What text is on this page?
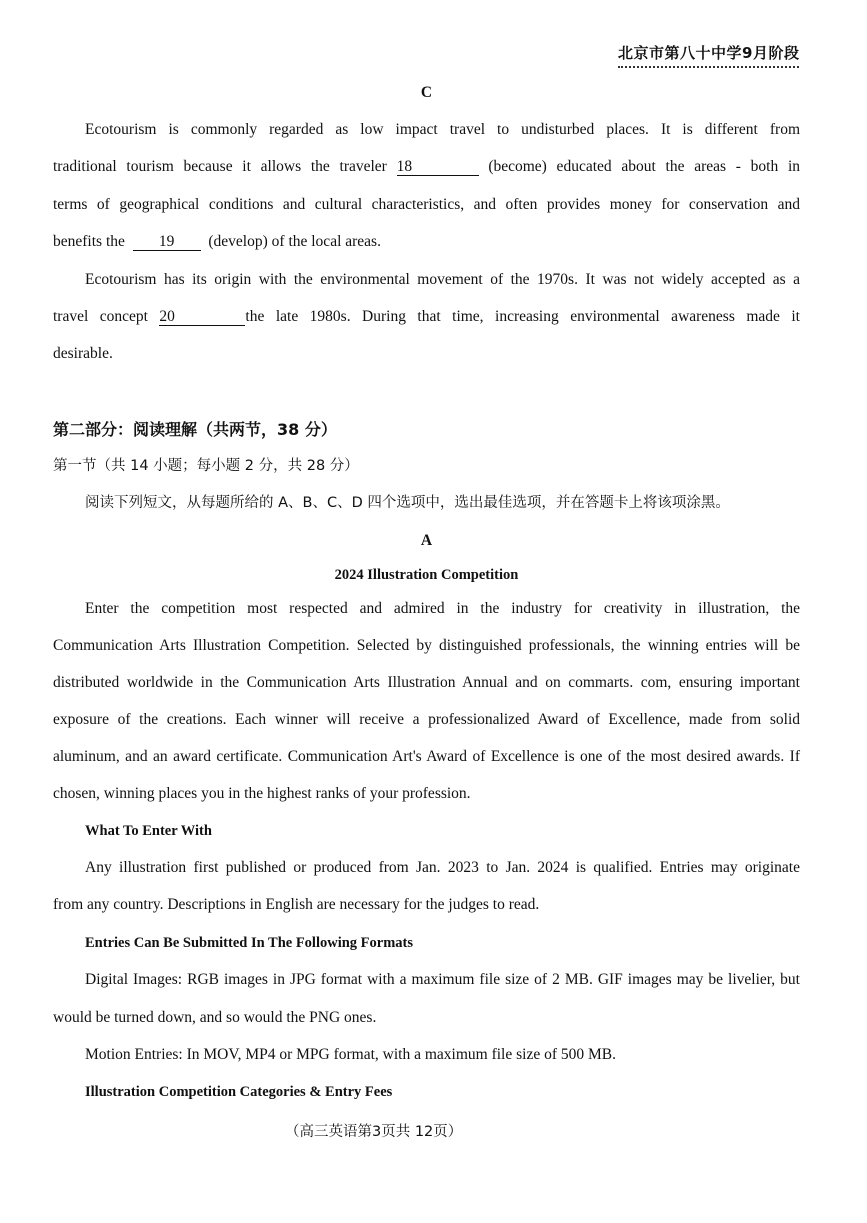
北京市第八十中学9月阶段
C
Ecotourism is commonly regarded as low impact travel to undisturbed places. It is different from
traditional tourism because it allows the traveler 18	(become) educated about the areas - both in
terms of geographical conditions and cultural characteristics, and often provides money for conservation and
benefits the 19 (develop) of the local areas.
Ecotourism has its origin with the environmental movement of the 1970s. It was not widely accepted as a
travel concept 20	the late 1980s. During that time, increasing environmental awareness made it
desirable.
第二部分：阅读理解（共两节，38 分）
第一节（共 14 小题；每小题 2 分，共 28 分）
阅读下列短文，从每题所给的 A、B、C、D 四个选项中，选出最佳选项，并在答题卡上将该项涂黑。
A
2024 Illustration Competition
Enter the competition most respected and admired in the industry for creativity in illustration, the
Communication Arts Illustration Competition. Selected by distinguished professionals, the winning entries will be
distributed worldwide in the Communication Arts Illustration Annual and on commarts. com, ensuring important
exposure of the creations. Each winner will receive a professionalized Award of Excellence, made from solid
aluminum, and an award certificate. Communication Art's Award of Excellence is one of the most desired awards. If
chosen, winning places you in the highest ranks of your profession.
What To Enter With
Any illustration first published or produced from Jan. 2023 to Jan. 2024 is qualified. Entries may originate
from any country. Descriptions in English are necessary for the judges to read.
Entries Can Be Submitted In The Following Formats
Digital Images: RGB images in JPG format with a maximum file size of 2 MB. GIF images may be livelier, but
would be turned down, and so would the PNG ones.
Motion Entries: In MOV, MP4 or MPG format, with a maximum file size of 500 MB.
Illustration Competition Categories & Entry Fees
（高三英语第3页共 12页）
